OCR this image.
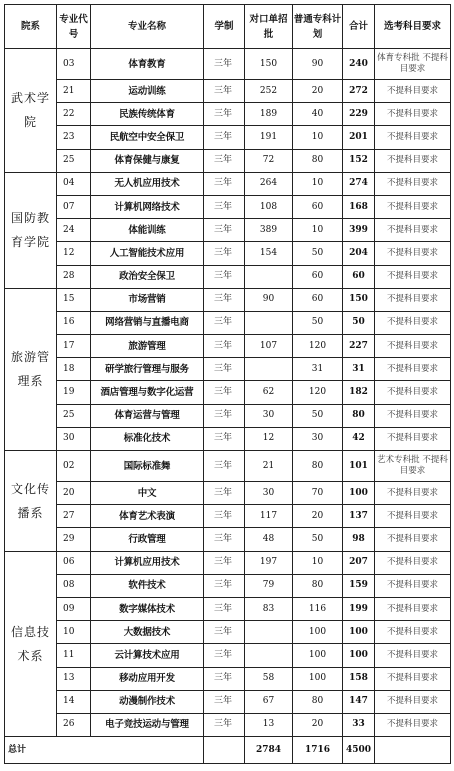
院系	专业代号	专业名称	学制	对口单招批	普通专科计划	合计	选考科目要求
武术学院	03	体育教育	三年	150	90	240	体育专科批 不提科目要求
	21	运动训练	三年	252	20	272	不提科目要求
	22	民族传统体育	三年	189	40	229	不提科目要求
	23	民航空中安全保卫	三年	191	10	201	不提科目要求
	25	体育保健与康复	三年	72	80	152	不提科目要求
国防教育学院	04	无人机应用技术	三年	264	10	274	不提科目要求
	07	计算机网络技术	三年	108	60	168	不提科目要求
	24	体能训练	三年	389	10	399	不提科目要求
	12	人工智能技术应用	三年	154	50	204	不提科目要求
	28	政治安全保卫	三年		60	60	不提科目要求
旅游管理系	15	市场营销	三年	90	60	150	不提科目要求
	16	网络营销与直播电商	三年		50	50	不提科目要求
	17	旅游管理	三年	107	120	227	不提科目要求
	18	研学旅行管理与服务	三年		31	31	不提科目要求
	19	酒店管理与数字化运营	三年	62	120	182	不提科目要求
	25	体育运营与管理	三年	30	50	80	不提科目要求
	30	标准化技术	三年	12	30	42	不提科目要求
文化传播系	02	国际标准舞	三年	21	80	101	艺术专科批 不提科目要求
	20	中文	三年	30	70	100	不提科目要求
	27	体育艺术表演	三年	117	20	137	不提科目要求
	29	行政管理	三年	48	50	98	不提科目要求
信息技术系	06	计算机应用技术	三年	197	10	207	不提科目要求
	08	软件技术	三年	79	80	159	不提科目要求
	09	数字媒体技术	三年	83	116	199	不提科目要求
	10	大数据技术	三年		100	100	不提科目要求
	11	云计算技术应用	三年		100	100	不提科目要求
	13	移动应用开发	三年	58	100	158	不提科目要求
	14	动漫制作技术	三年	67	80	147	不提科目要求
	26	电子竞技运动与管理	三年	13	20	33	不提科目要求
总计				2784	1716	4500	
